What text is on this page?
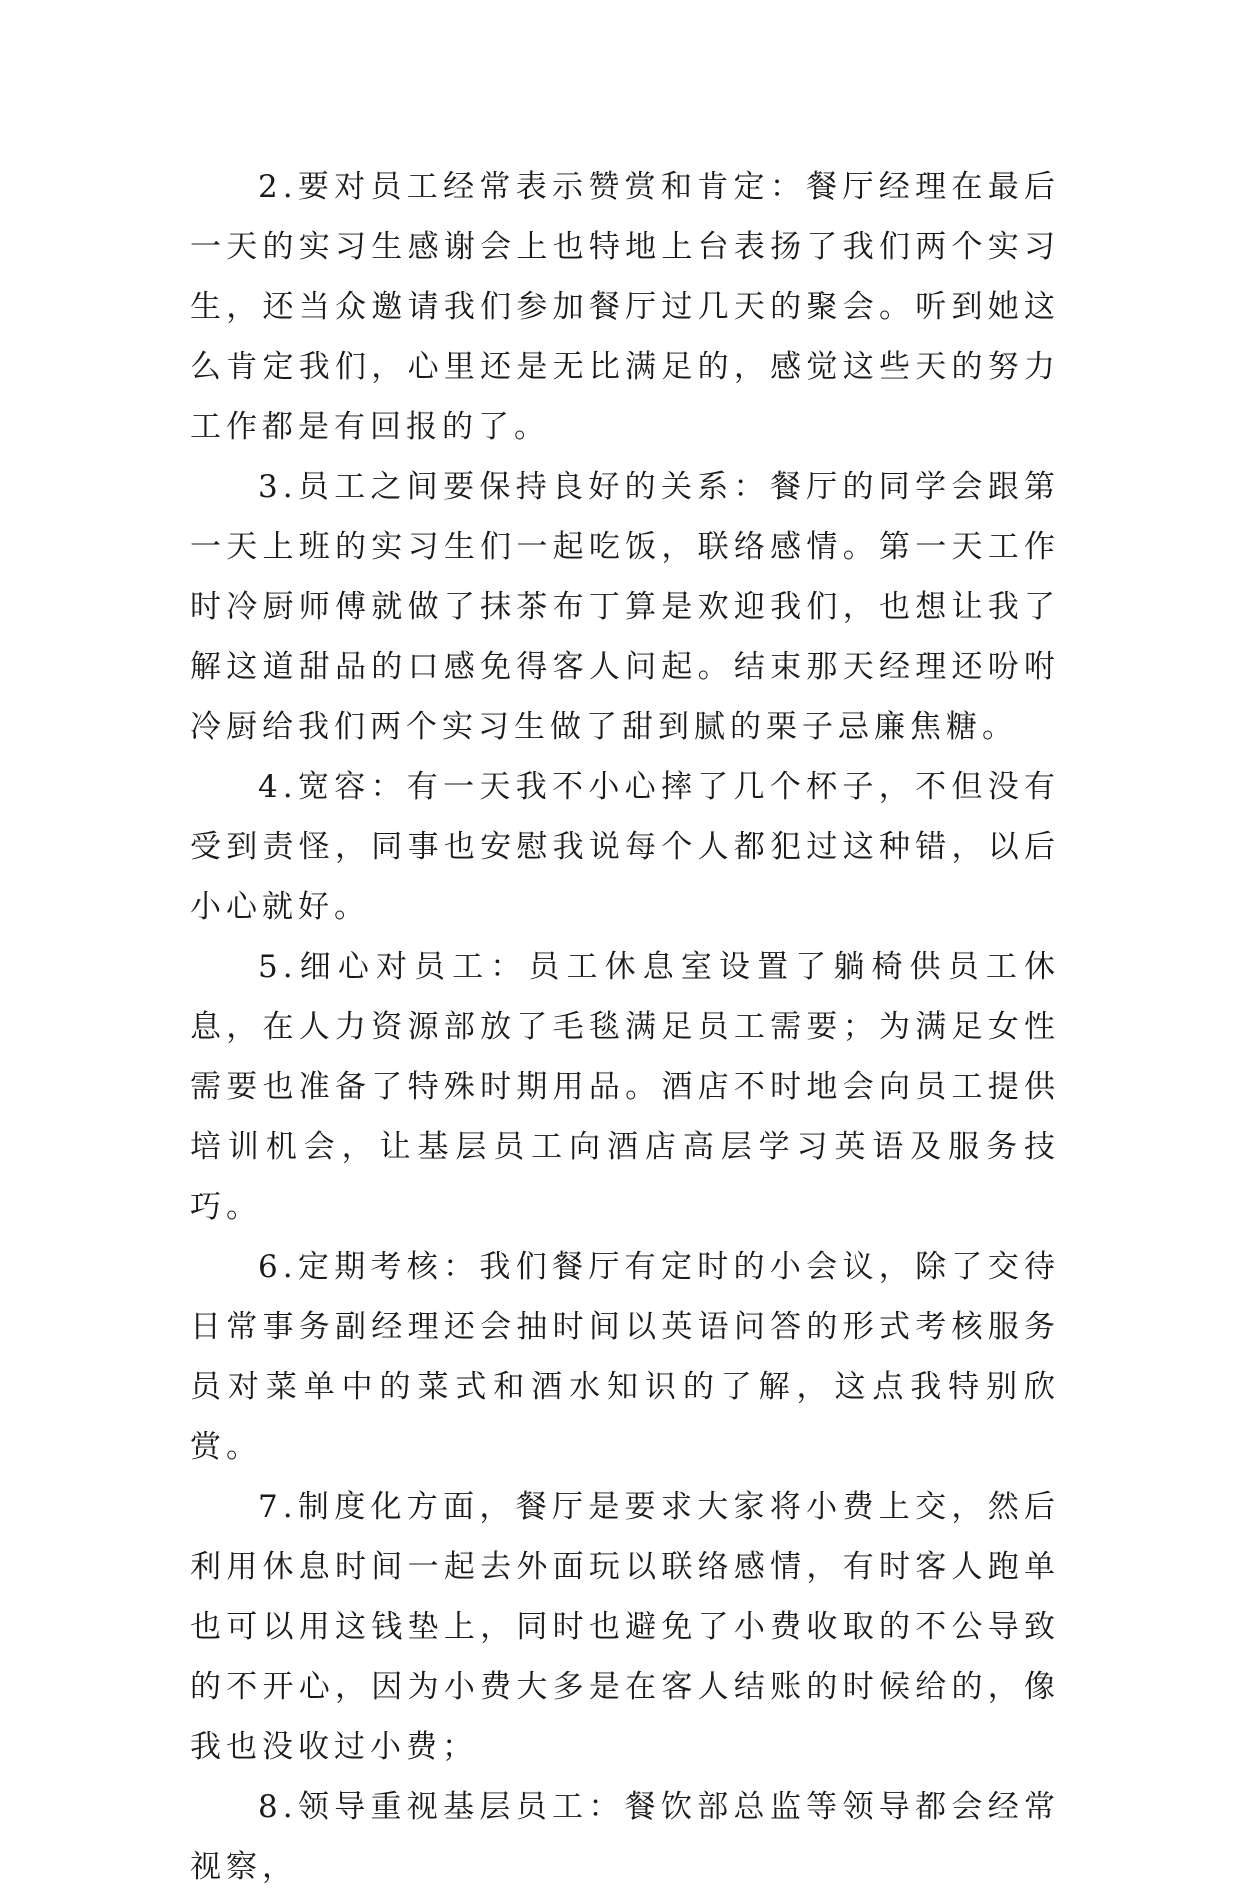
2.要对员工经常表示赞赏和肯定：餐厅经理在最后一天的实习生感谢会上也特地上台表扬了我们两个实习生，还当众邀请我们参加餐厅过几天的聚会。听到她这么肯定我们，心里还是无比满足的，感觉这些天的努力工作都是有回报的了。

3.员工之间要保持良好的关系：餐厅的同学会跟第一天上班的实习生们一起吃饭，联络感情。第一天工作时冷厨师傅就做了抹茶布丁算是欢迎我们，也想让我了解这道甜品的口感免得客人问起。结束那天经理还吩咐冷厨给我们两个实习生做了甜到腻的栗子忌廉焦糖。

4.宽容：有一天我不小心摔了几个杯子，不但没有受到责怪，同事也安慰我说每个人都犯过这种错，以后小心就好。

5.细心对员工：员工休息室设置了躺椅供员工休息，在人力资源部放了毛毯满足员工需要；为满足女性需要也准备了特殊时期用品。酒店不时地会向员工提供培训机会，让基层员工向酒店高层学习英语及服务技巧。

6.定期考核：我们餐厅有定时的小会议，除了交待日常事务副经理还会抽时间以英语问答的形式考核服务员对菜单中的菜式和酒水知识的了解，这点我特别欣赏。

7.制度化方面，餐厅是要求大家将小费上交，然后利用休息时间一起去外面玩以联络感情，有时客人跑单也可以用这钱垫上，同时也避免了小费收取的不公导致的不开心，因为小费大多是在客人结账的时候给的，像我也没收过小费；

8.领导重视基层员工：餐饮部总监等领导都会经常视察，
